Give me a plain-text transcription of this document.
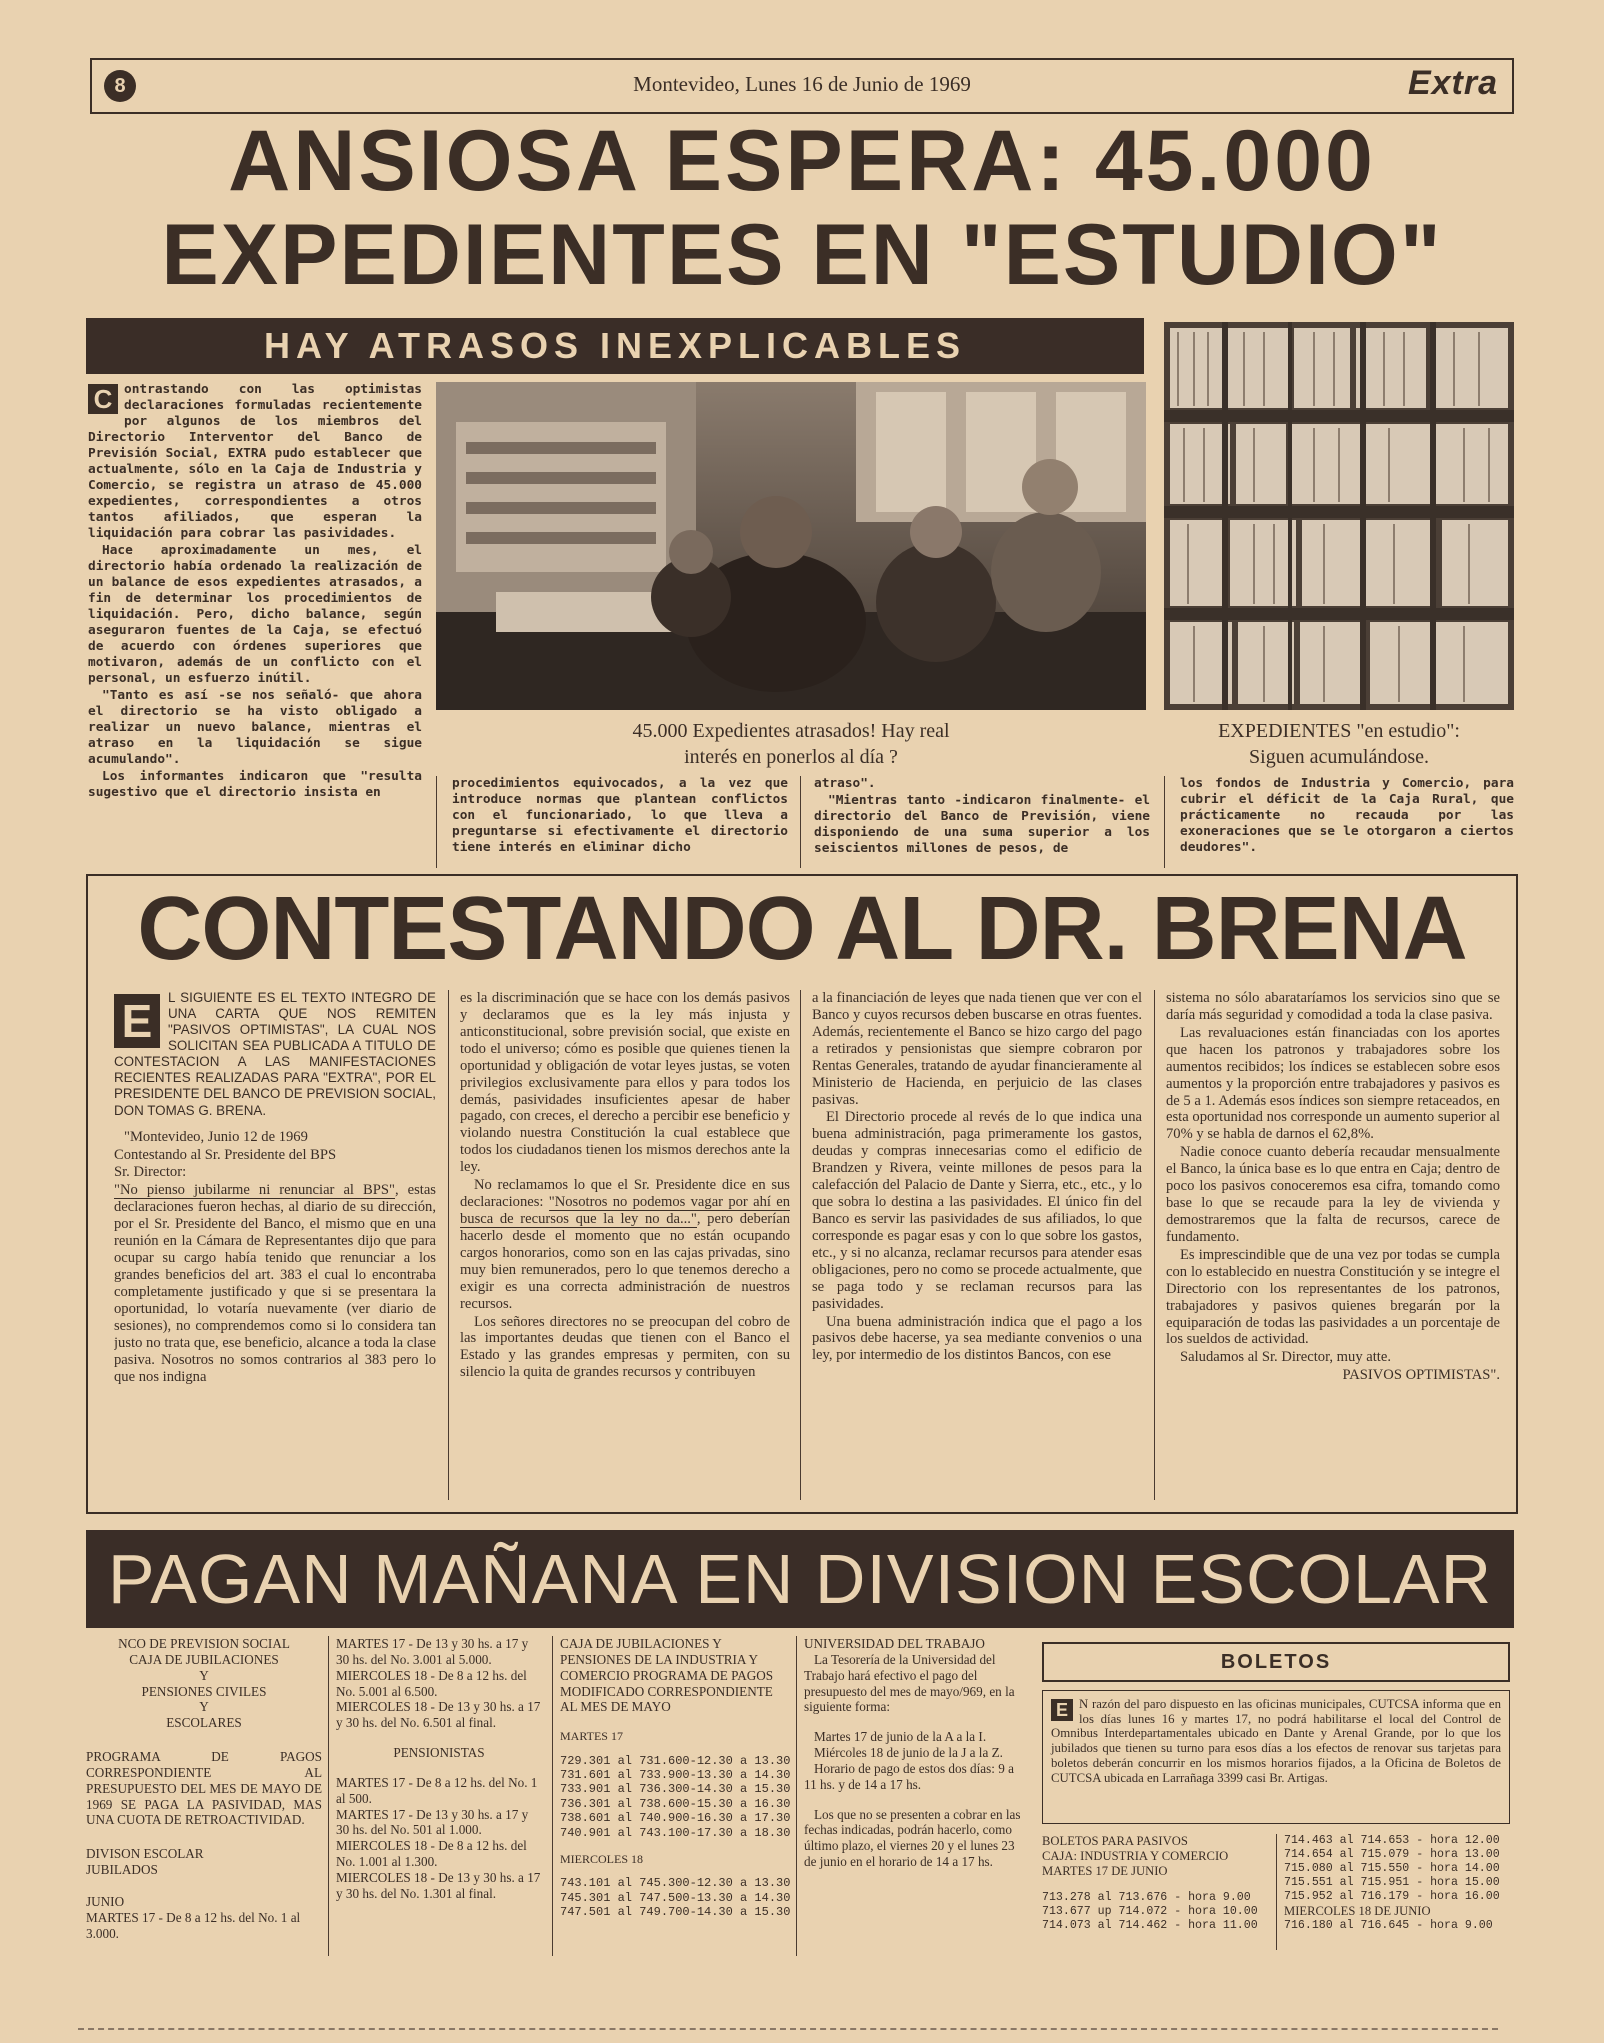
8	Montevideo, Lunes 16 de Junio de 1969	Extra
ANSIOSA ESPERA: 45.000
EXPEDIENTES EN "ESTUDIO"
HAY ATRASOS INEXPLICABLES
45.000 Expedientes atrasados! Hay real
interés en ponerlos al día ?
EXPEDIENTES "en estudio":
Siguen acumulándose.

C ontrastando con las optimistas declaraciones formuladas recientemente por algunos de los miembros del Directorio Interventor del Banco de Previsión Social, EXTRA pudo establecer que actualmente, sólo en la Caja de Industria y Comercio, se registra un atraso de 45.000 expedientes, correspondientes a otros tantos afiliados, que esperan la liquidación para cobrar las pasividades.

Hace aproximadamente un mes, el directorio había ordenado la realización de un balance de esos expedientes atrasados, a fin de determinar los procedimientos de liquidación. Pero, dicho balance, según aseguraron fuentes de la Caja, se efectuó de acuerdo con órdenes superiores que motivaron, además de un conflicto con el personal, un esfuerzo inútil.

"Tanto es así -se nos señaló- que ahora el directorio se ha visto obligado a realizar un nuevo balance, mientras el atraso en la liquidación se sigue acumulando".

Los informantes indicaron que "resulta sugestivo que el directorio insista en

procedimientos equivocados, a la vez que introduce normas que plantean conflictos con el funcionariado, lo que lleva a preguntarse si efectivamente el directorio tiene interés en eliminar dicho

atraso".

"Mientras tanto -indicaron finalmente- el directorio del Banco de Previsión, viene disponiendo de una suma superior a los seiscientos millones de pesos, de

los fondos de Industria y Comercio, para cubrir el déficit de la Caja Rural, que prácticamente no recauda por las exoneraciones que se le otorgaron a ciertos deudores".

CONTESTANDO AL DR. BRENA

E	L SIGUIENTE ES EL TEXTO INTEGRO DE UNA CARTA QUE NOS REMITEN "PASIVOS OPTIMISTAS", LA CUAL NOS SOLICITAN SEA PUBLICADA A TITULO DE CONTESTACION A LAS MANIFESTACIONES RECIENTES REALIZADAS PARA "EXTRA", POR EL PRESIDENTE DEL BANCO DE PREVISION SOCIAL, DON TOMAS G. BRENA.

"Montevideo, Junio 12 de 1969

Contestando al Sr. Presidente del BPS

Sr. Director:

"No pienso jubilarme ni renunciar al BPS", estas declaraciones fueron hechas, al diario de su dirección, por el Sr. Presidente del Banco, el mismo que en una reunión en la Cámara de Representantes dijo que para ocupar su cargo había tenido que renunciar a los grandes beneficios del art. 383 el cual lo encontraba completamente justificado y que si se presentara la oportunidad, lo votaría nuevamente (ver diario de sesiones), no comprendemos como si lo considera tan justo no trata que, ese beneficio, alcance a toda la clase pasiva. Nosotros no somos contrarios al 383 pero lo que nos indigna

es la discriminación que se hace con los demás pasivos y declaramos que es la ley más injusta y anticonstitucional, sobre previsión social, que existe en todo el universo; cómo es posible que quienes tienen la oportunidad y obligación de votar leyes justas, se voten privilegios exclusivamente para ellos y para todos los demás, pasividades insuficientes apesar de haber pagado, con creces, el derecho a percibir ese beneficio y violando nuestra Constitución la cual establece que todos los ciudadanos tienen los mismos derechos ante la ley.

No reclamamos lo que el Sr. Presidente dice en sus declaraciones: "Nosotros no podemos vagar por ahí en busca de recursos que la ley no da...", pero deberían hacerlo desde el momento que no están ocupando cargos honorarios, como son en las cajas privadas, sino muy bien remunerados, pero lo que tenemos derecho a exigir es una correcta administración de nuestros recursos.

Los señores directores no se preocupan del cobro de las importantes deudas que tienen con el Banco el Estado y las grandes empresas y permiten, con su silencio la quita de grandes recursos y contribuyen

a la financiación de leyes que nada tienen que ver con el Banco y cuyos recursos deben buscarse en otras fuentes. Además, recientemente el Banco se hizo cargo del pago a retirados y pensionistas que siempre cobraron por Rentas Generales, tratando de ayudar financieramente al Ministerio de Hacienda, en perjuicio de las clases pasivas.

El Directorio procede al revés de lo que indica una buena administración, paga primeramente los gastos, deudas y compras innecesarias como el edificio de Brandzen y Rivera, veinte millones de pesos para la calefacción del Palacio de Dante y Sierra, etc., etc., y lo que sobra lo destina a las pasividades. El único fin del Banco es servir las pasividades de sus afiliados, lo que corresponde es pagar esas y con lo que sobre los gastos, etc., y si no alcanza, reclamar recursos para atender esas obligaciones, pero no como se procede actualmente, que se paga todo y se reclaman recursos para las pasividades.

Una buena administración indica que el pago a los pasivos debe hacerse, ya sea mediante convenios o una ley, por intermedio de los distintos Bancos, con ese

sistema no sólo abarataríamos los servicios sino que se daría más seguridad y comodidad a toda la clase pasiva.

Las revaluaciones están financiadas con los aportes que hacen los patronos y trabajadores sobre los aumentos recibidos; los índices se establecen sobre esos aumentos y la proporción entre trabajadores y pasivos es de 5 a 1. Además esos índices son siempre retaceados, en esta oportunidad nos corresponde un aumento superior al 70% y se habla de darnos el 62,8%.

Nadie conoce cuanto debería recaudar mensualmente el Banco, la única base es lo que entra en Caja; dentro de poco los pasivos conoceremos esa cifra, tomando como base lo que se recaude para la ley de vivienda y demostraremos que la falta de recursos, carece de fundamento.

Es imprescindible que de una vez por todas se cumpla con lo establecido en nuestra Constitución y se integre el Directorio con los representantes de los patronos, trabajadores y pasivos quienes bregarán por la equiparación de todas las pasividades a un porcentaje de los sueldos de actividad.

Saludamos al Sr. Director, muy atte.

PASIVOS OPTIMISTAS".

PAGAN MAÑANA EN DIVISION ESCOLAR
NCO DE PREVISION SOCIAL
CAJA DE JUBILACIONES
Y
PENSIONES CIVILES
Y
ESCOLARES
PROGRAMA DE PAGOS CORRESPONDIENTE AL PRESUPUESTO DEL MES DE MAYO DE 1969 SE PAGA LA PASIVIDAD, MAS UNA CUOTA DE RETROACTIVIDAD.
DIVISON ESCOLAR
JUBILADOS
JUNIO
MARTES 17 - De 8 a 12 hs. del No. 1 al 3.000.
MARTES 17 - De 13 y 30 hs. a 17 y 30 hs. del No. 3.001 al 5.000.
MIERCOLES 18 - De 8 a 12 hs. del No. 5.001 al 6.500.
MIERCOLES 18 - De 13 y 30 hs. a 17 y 30 hs. del No. 6.501 al final.
PENSIONISTAS
MARTES 17 - De 8 a 12 hs. del No. 1 al 500.
MARTES 17 - De 13 y 30 hs. a 17 y 30 hs. del No. 501 al 1.000.
MIERCOLES 18 - De 8 a 12 hs. del No. 1.001 al 1.300.
MIERCOLES 18 - De 13 y 30 hs. a 17 y 30 hs. del No. 1.301 al final.
CAJA DE JUBILACIONES Y PENSIONES DE LA INDUSTRIA Y COMERCIO PROGRAMA DE PAGOS MODIFICADO CORRESPONDIENTE AL MES DE MAYO
MARTES 17
729.301 al 731.600-12.30 a 13.30
731.601 al 733.900-13.30 a 14.30
733.901 al 736.300-14.30 a 15.30
736.301 al 738.600-15.30 a 16.30
738.601 al 740.900-16.30 a 17.30
740.901 al 743.100-17.30 a 18.30
MIERCOLES 18
743.101 al 745.300-12.30 a 13.30
745.301 al 747.500-13.30 a 14.30
747.501 al 749.700-14.30 a 15.30
UNIVERSIDAD DEL TRABAJO
La Tesorería de la Universidad del Trabajo hará efectivo el pago del presupuesto del mes de mayo/969, en la siguiente forma:
Martes 17 de junio de la A a la I.
Miércoles 18 de junio de la J a la Z.
Horario de pago de estos dos días: 9 a 11 hs. y de 14 a 17 hs.
Los que no se presenten a cobrar en las fechas indicadas, podrán hacerlo, como último plazo, el viernes 20 y el lunes 23 de junio en el horario de 14 a 17 hs.
BOLETOS
E N razón del paro dispuesto en las oficinas municipales, CUTCSA informa que en los días lunes 16 y martes 17, no podrá habilitarse el local del Control de Omnibus Interdepartamentales ubicado en Dante y Arenal Grande, por lo que los jubilados que tienen su turno para esos días a los efectos de renovar sus tarjetas para boletos deberán concurrir en los mismos horarios fijados, a la Oficina de Boletos de CUTCSA ubicada en Larrañaga 3399 casi Br. Artigas.
BOLETOS PARA PASIVOS
CAJA: INDUSTRIA Y COMERCIO
MARTES 17 DE JUNIO
713.278 al 713.676 - hora 9.00
713.677 up 714.072 - hora 10.00
714.073 al 714.462 - hora 11.00
714.463 al 714.653 - hora 12.00
714.654 al 715.079 - hora 13.00
715.080 al 715.550 - hora 14.00
715.551 al 715.951 - hora 15.00
715.952 al 716.179 - hora 16.00
MIERCOLES 18 DE JUNIO
716.180 al 716.645 - hora 9.00
